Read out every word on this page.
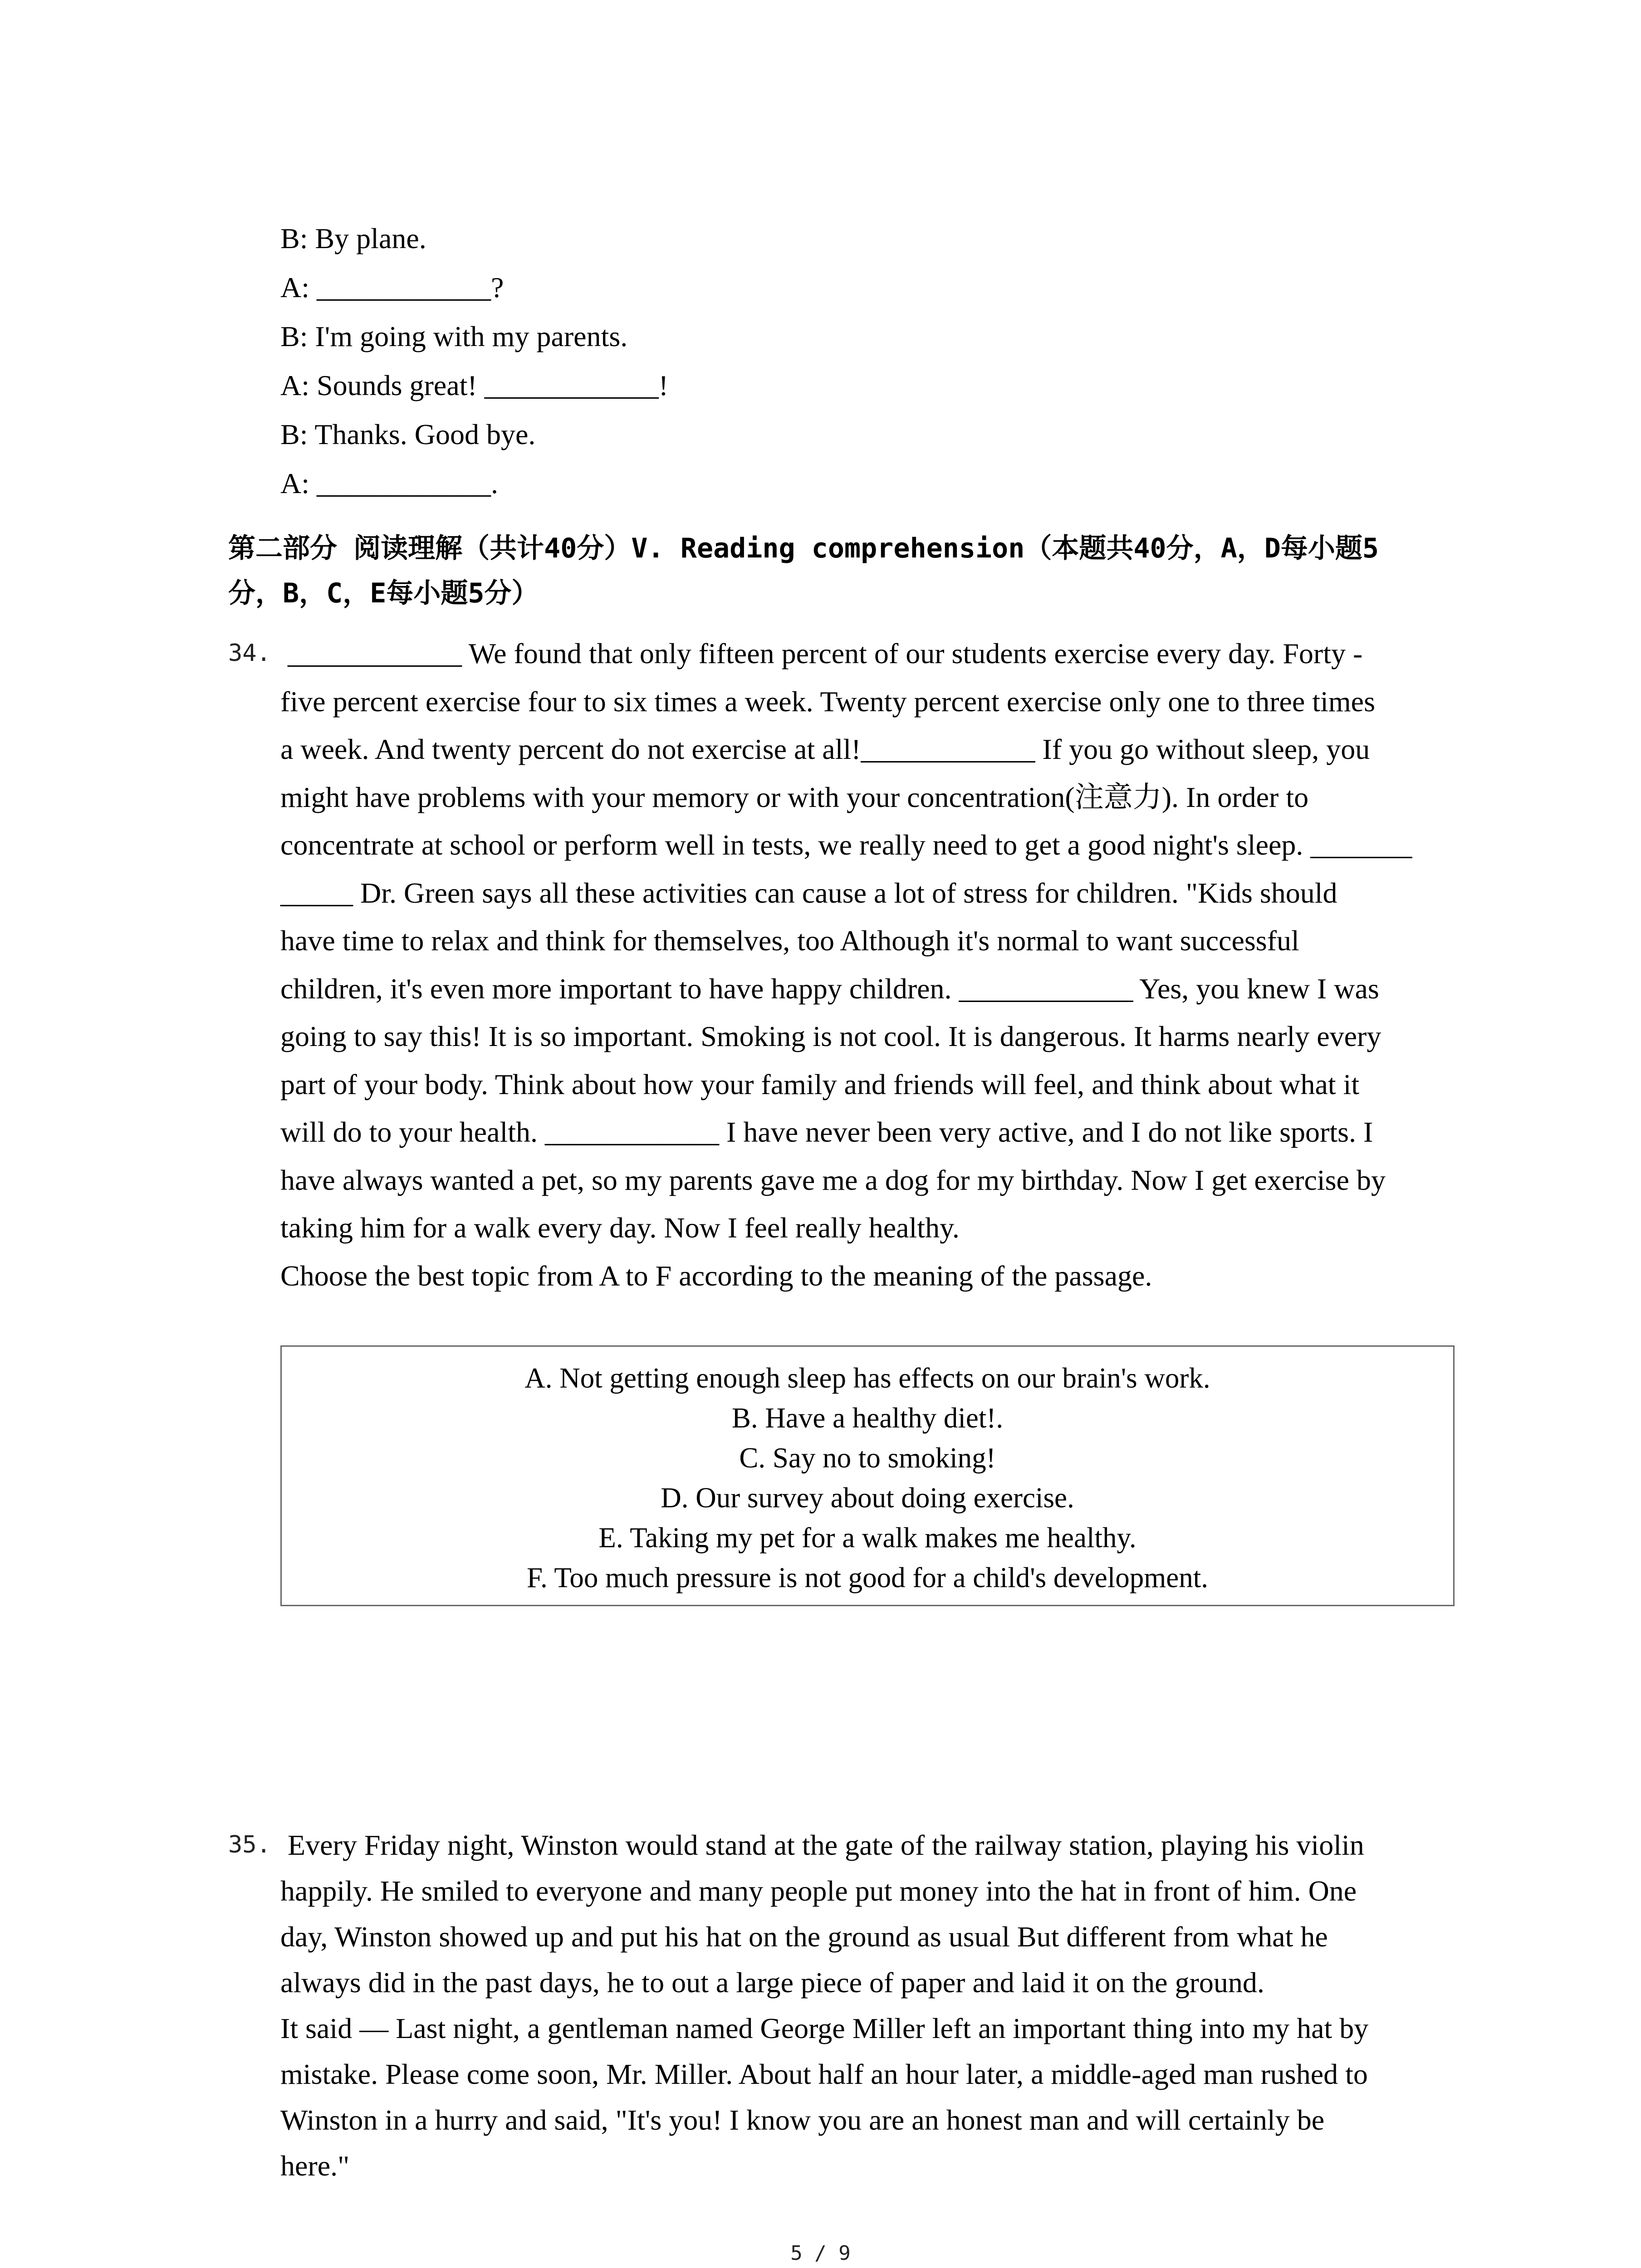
B: By plane.
A: ____________?
B: I'm going with my parents.
A: Sounds great! ____________!
B: Thanks. Good bye.
A: ____________.
第二部分 阅读理解（共计40分）V. Reading comprehension（本题共40分，A，D每小题5
分，B，C，E每小题5分）
34. ____________ We found that only fifteen percent of our students exercise every day. Forty -
five percent exercise four to six times a week. Twenty percent exercise only one to three times
a week. And twenty percent do not exercise at all!____________ If you go without sleep, you
might have problems with your memory or with your concentration(注意力). In order to
concentrate at school or perform well in tests, we really need to get a good night's sleep. _______
_____ Dr. Green says all these activities can cause a lot of stress for children. "Kids should
have time to relax and think for themselves, too Although it's normal to want successful
children, it's even more important to have happy children. ____________ Yes, you knew I was
going to say this! It is so important. Smoking is not cool. It is dangerous. It harms nearly every
part of your body. Think about how your family and friends will feel, and think about what it
will do to your health. ____________ I have never been very active, and I do not like sports. I
have always wanted a pet, so my parents gave me a dog for my birthday. Now I get exercise by
taking him for a walk every day. Now I feel really healthy.
Choose the best topic from A to F according to the meaning of the passage.
A. Not getting enough sleep has effects on our brain's work.
B. Have a healthy diet!.
C. Say no to smoking!
D. Our survey about doing exercise.
E. Taking my pet for a walk makes me healthy.
F. Too much pressure is not good for a child's development.
35. Every Friday night, Winston would stand at the gate of the railway station, playing his violin
happily. He smiled to everyone and many people put money into the hat in front of him. One
day, Winston showed up and put his hat on the ground as usual But different from what he
always did in the past days, he to out a large piece of paper and laid it on the ground.
It said — Last night, a gentleman named George Miller left an important thing into my hat by
mistake. Please come soon, Mr. Miller. About half an hour later, a middle-aged man rushed to
Winston in a hurry and said, "It's you! I know you are an honest man and will certainly be
here."
5 / 9
